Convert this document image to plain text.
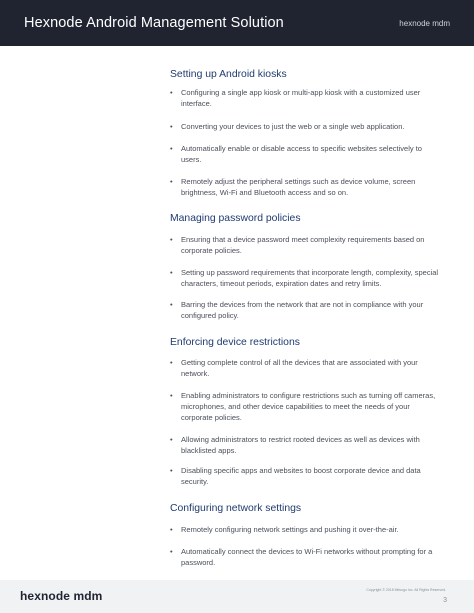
Hexnode Android Management Solution	hexnode mdm
Setting up Android kiosks
• Configuring a single app kiosk or multi-app kiosk with a customized user interface.
• Converting your devices to just the web or a single web application.
• Automatically enable or disable access to specific websites selectively to users.
• Remotely adjust the peripheral settings such as device volume, screen brightness, Wi-Fi and Bluetooth access and so on.
Managing password policies
• Ensuring that a device password meet complexity requirements based on corporate policies.
• Setting up password requirements that incorporate length, complexity, special characters, timeout periods, expiration dates and retry limits.
• Barring the devices from the network that are not in compliance with your configured policy.
Enforcing device restrictions
• Getting complete control of all the devices that are associated with your network.
• Enabling administrators to configure restrictions such as turning off cameras, microphones, and other device capabilities to meet the needs of your corporate policies.
• Allowing administrators to restrict rooted devices as well as devices with blacklisted apps.
• Disabling specific apps and websites to boost corporate device and data security.
Configuring network settings
• Remotely configuring network settings and pushing it over-the-air.
• Automatically connect the devices to Wi-Fi networks without prompting for a password.
hexnode mdm	Copyright © 2018 Mitsogo Inc. All Rights Reserved.
3
